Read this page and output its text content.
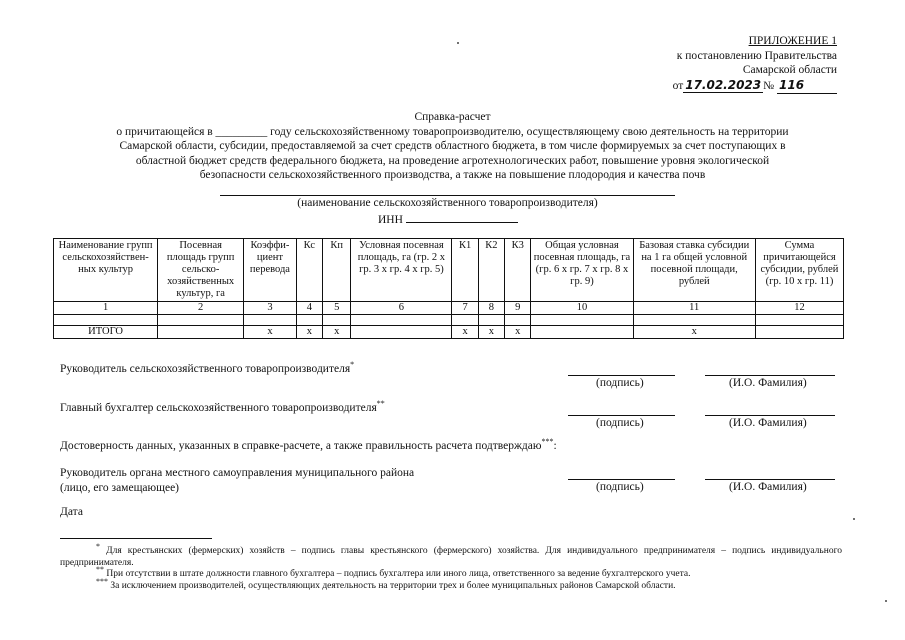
ПРИЛОЖЕНИЕ 1
к постановлению Правительства
Самарской области
от 17.02.2023 № 116
Справка-расчет
о причитающейся в _________ году сельскохозяйственному товаропроизводителю, осуществляющему свою деятельность на территории
Самарской области, субсидии, предоставляемой за счет средств областного бюджета, в том числе формируемых за счет поступающих в
областной бюджет средств федерального бюджета, на проведение агротехнологических работ, повышение уровня экологической
безопасности сельскохозяйственного производства, а также на повышение плодородия и качества почв
(наименование сельскохозяйственного товаропроизводителя)
ИНН
Наименование групп сельскохозяйствен-ных культур	Посевная площадь групп сельско-хозяйственных культур, га	Коэффи-циент перевода	Кс	Кп	Условная посевная площадь, га (гр. 2 x гр. 3 x гр. 4 x гр. 5)	К1	К2	К3	Общая условная посевная площадь, га (гр. 6 x гр. 7 x гр. 8 x гр. 9)	Базовая ставка субсидии на 1 га общей условной посевной площади, рублей	Сумма причитающейся субсидии, рублей (гр. 10 x гр. 11)
1	2	3	4	5	6	7	8	9	10	11	12

ИТОГО		x	x	x		x	x	x		x	
Руководитель сельскохозяйственного товаропроизводителя*
(подпись)	(И.О. Фамилия)
Главный бухгалтер сельскохозяйственного товаропроизводителя**
(подпись)	(И.О. Фамилия)
Достоверность данных, указанных в справке-расчете, а также правильность расчета подтверждаю***:
Руководитель органа местного самоуправления муниципального района
(лицо, его замещающее)	(подпись)	(И.О. Фамилия)
Дата

* Для крестьянских (фермерских) хозяйств – подпись главы крестьянского (фермерского) хозяйства. Для индивидуального предпринимателя – подпись индивидуального предпринимателя.

** При отсутствии в штате должности главного бухгалтера – подпись бухгалтера или иного лица, ответственного за ведение бухгалтерского учета.

*** За исключением производителей, осуществляющих деятельность на территории трех и более муниципальных районов Самарской области.
